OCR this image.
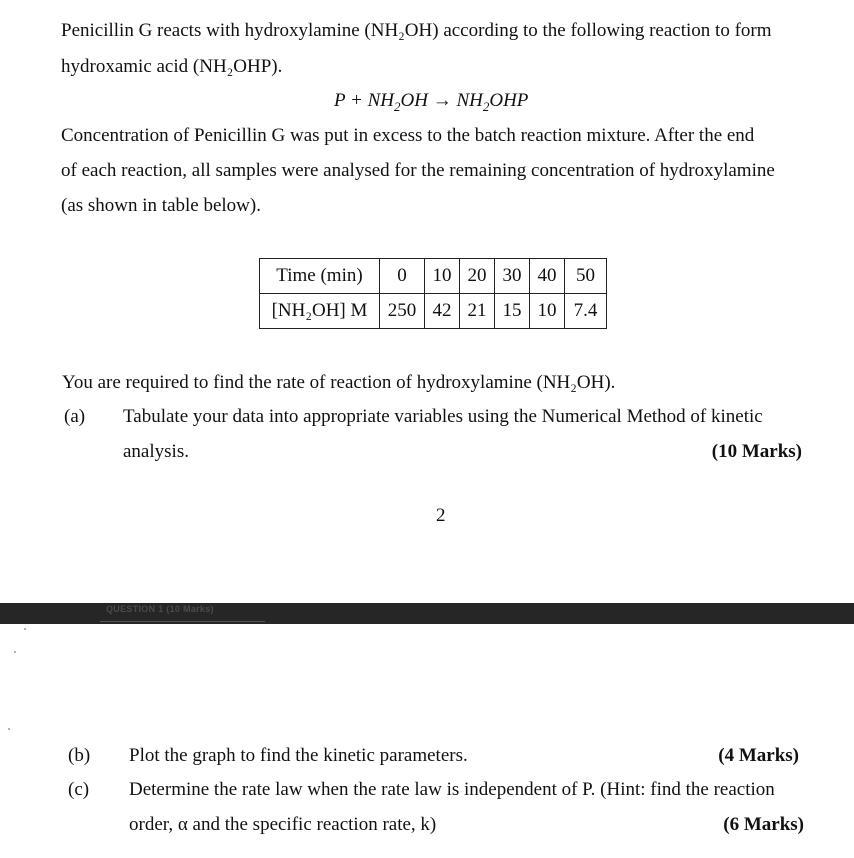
Penicillin G reacts with hydroxylamine (NH₂OH) according to the following reaction to form
hydroxamic acid (NH₂OHP).
$P + NH_2OH \to NH_2OHP$
Concentration of Penicillin G was put in excess to the batch reaction mixture. After the end
of each reaction, all samples were analysed for the remaining concentration of hydroxylamine
(as shown in table below).
Time (min)	0	10	20	30	40	50
[NH₂OH] M	250	42	21	15	10	7.4
You are required to find the rate of reaction of hydroxylamine (NH₂OH).
(a) Tabulate your data into appropriate variables using the Numerical Method of kinetic
analysis.	(10 Marks)
2
QUESTION 1 (10 Marks)
(b) Plot the graph to find the kinetic parameters.	(4 Marks)
(c) Determine the rate law when the rate law is independent of P. (Hint: find the reaction
order, α and the specific reaction rate, k)	(6 Marks)
